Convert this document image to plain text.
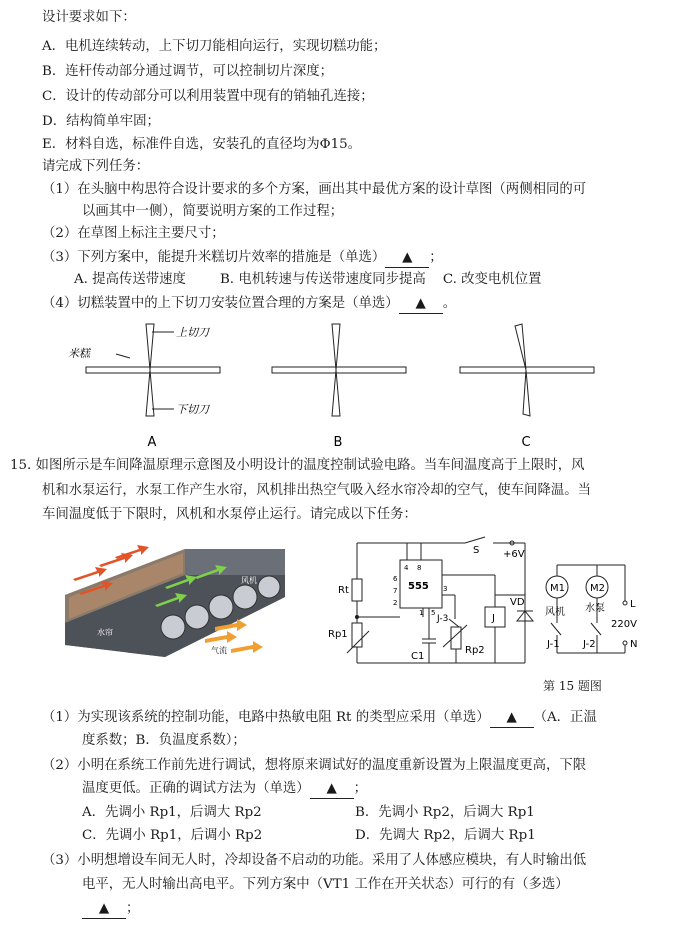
设计要求如下：
A．电机连续转动，上下切刀能相向运行，实现切糕功能；
B．连杆传动部分通过调节，可以控制切片深度；
C．设计的传动部分可以利用装置中现有的销轴孔连接；
D．结构简单牢固；
E．材料自选，标准件自选，安装孔的直径均为Φ15。
请完成下列任务：
（1）在头脑中构思符合设计要求的多个方案，画出其中最优方案的设计草图（两侧相同的可
以画其中一侧），简要说明方案的工作过程；
（2）在草图上标注主要尺寸；
（3）下列方案中，能提升米糕切片效率的措施是（单选） ▲ ；
A. 提高传送带速度        B. 电机转速与传送带速度同步提高    C. 改变电机位置
（4）切糕装置中的上下切刀安装位置合理的方案是（单选） ▲ 。
上切刀
米糕
下切刀
A	B	C
15. 如图所示是车间降温原理示意图及小明设计的温度控制试验电路。当车间温度高于上限时，风
机和水泵运行，水泵工作产生水帘，风机排出热空气吸入经水帘冷却的空气，使车间降温。当
车间温度低于下限时，风机和水泵停止运行。请完成以下任务：
风机
水帘
气流
S +6V
Rt	555
4 8
6
7	3
2
1 5
Rp1
C1
J-3
Rp2
J
VD
M1	M2
风机 水泵	L
220V
N
J-1 J-2
第 15 题图
（1）为实现该系统的控制功能，电路中热敏电阻 Rt 的类型应采用（单选） ▲ （A．正温
度系数；B．负温度系数）；
（2）小明在系统工作前先进行调试，想将原来调试好的温度重新设置为上限温度更高，下限
温度更低。正确的调试方法为（单选） ▲ ；
A．先调小 Rp1，后调大 Rp2	B．先调小 Rp2，后调大 Rp1
C．先调小 Rp1，后调小 Rp2	D．先调大 Rp2，后调大 Rp1
（3）小明想增设车间无人时，冷却设备不启动的功能。采用了人体感应模块，有人时输出低
电平，无人时输出高电平。下列方案中（VT1 工作在开关状态）可行的有（多选）
▲ ；
